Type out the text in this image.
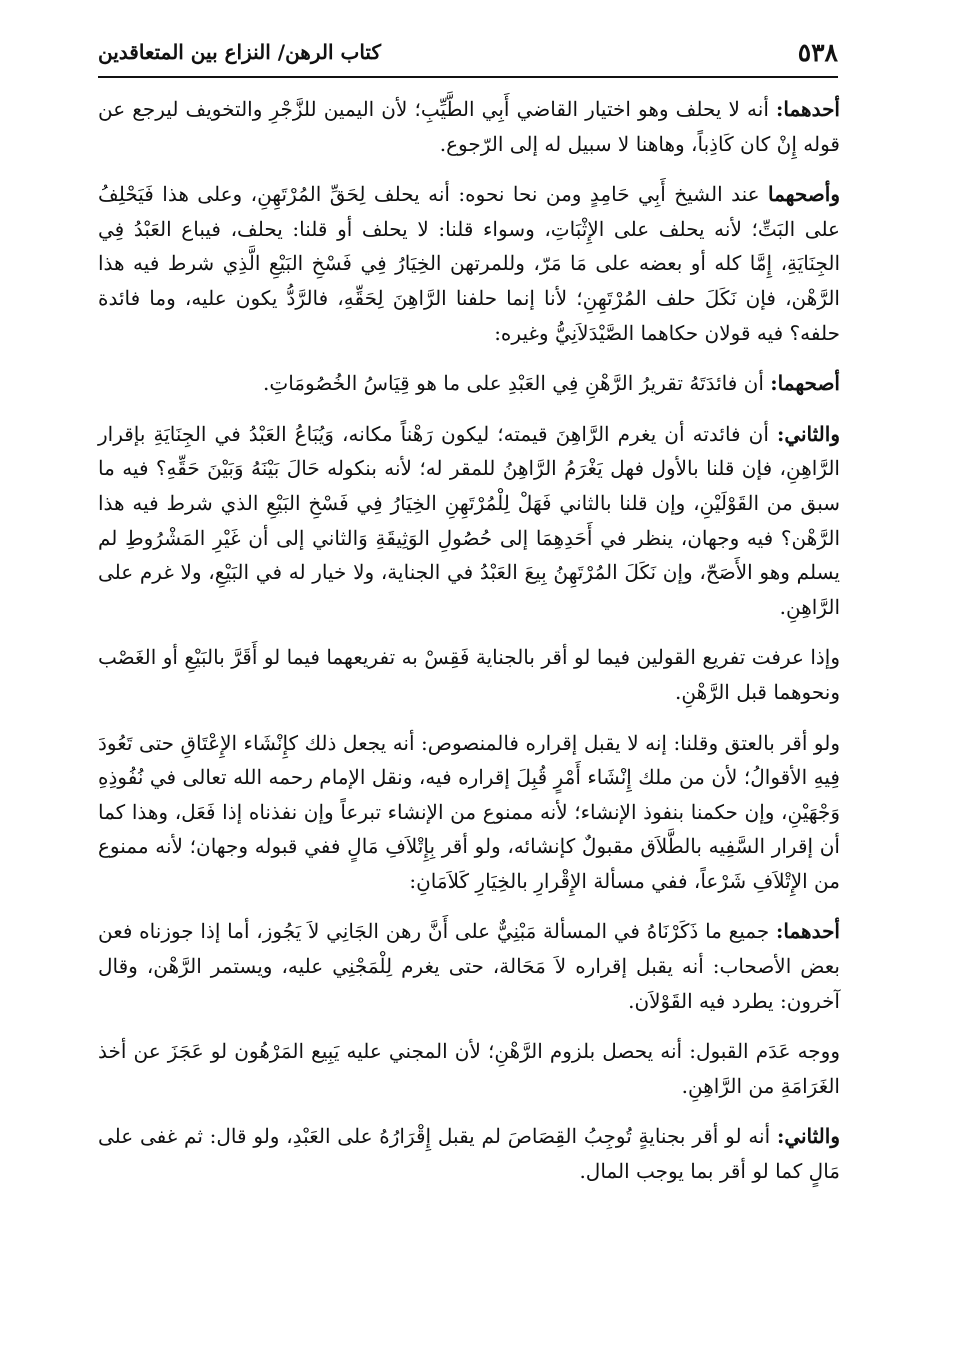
٥٣٨
كتاب الرهن/ النزاع بين المتعاقدين

أحدهما: أنه لا يحلف وهو اختيار القاضي أَبِي الطَّيِّبِ؛ لأن اليمين للزَّجْرِ والتخويف ليرجع عن قوله إِنْ كان كَاذِباً، وهاهنا لا سبيل له إلى الرّجوع.

وأصحهما عند الشيخ أَبِي حَامِدٍ ومن نحا نحوه: أنه يحلف لِحَقِّ المُرْتَهِنِ، وعلى هذا فَيَحْلِفُ على البَتِّ؛ لأنه يحلف على الإِثْبَاتِ، وسواء قلنا: لا يحلف أو قلنا: يحلف، فيباع العَبْدُ فِي الجِنَايَةِ، إِمَّا كله أو بعضه على مَا مَرّ، وللمرتهن الخِيَارُ فِي فَسْخِ البَيْعِ الَّذِي شرط فيه هذا الرَّهْن، فإن نَكَلَ حلف المُرْتَهِنِ؛ لأنا إنما حلفنا الرَّاهِنَ لِحَقِّهِ، فالرَّدُّ يكون عليه، وما فائدة حلفه؟ فيه قولان حكاهما الصَّيْدَلاَنِيُّ وغيره:

أصحهما: أن فائدَتَهُ تقريرُ الرَّهْنِ فِي العَبْدِ على ما هو قِيَاسُ الخُصُومَاتِ.

والثاني: أن فائدته أن يغرم الرَّاهِنَ قيمته؛ ليكون رَهْناً مكانه، وَيُبَاعُ العَبْدُ في الجِنَايَةِ بإقرار الرَّاهِنِ، فإن قلنا بالأول فهل يَغْرَمُ الرَّاهِنُ للمقر له؛ لأنه بنكوله حَالَ بَيْنَهُ وَبَيْنَ حَقِّهِ؟ فيه ما سبق من القَوْلَيْنِ، وإن قلنا بالثاني فَهَلْ لِلْمُرْتَهِنِ الخِيَارُ فِي فَسْخِ البَيْعِ الذي شرط فيه هذا الرَّهْن؟ فيه وجهان، ينظر في أَحَدِهِمَا إلى حُصُولِ الوَثِيقَةِ وَالثاني إلى أن غَيْرِ المَشْرُوطِ لم يسلم وهو الأَصَحّ، وإن نَكَلَ المُرْتَهِنُ بِيعَ العَبْدُ في الجناية، ولا خيار له في البَيْعِ، ولا غرم على الرَّاهِنِ.

وإذا عرفت تفريع القولين فيما لو أقر بالجناية فَقِسْ به تفريعهما فيما لو أَقَرَّ بالبَيْعِ أو الغَصْب ونحوهما قبل الرَّهْنِ.

ولو أقر بالعتق وقلنا: إنه لا يقبل إقراره فالمنصوص: أنه يجعل ذلك كإِنْشَاء الإِعْتَاقِ حتى تَعُودَ فِيهِ الأقوالُ؛ لأن من ملك إِنْشَاء أَمْرٍ قُبِلَ إقراره فيه، ونقل الإمام رحمه الله تعالى في نُفُوذِهِ وَجْهَيْنِ، وإن حكمنا بنفوذ الإنشاء؛ لأنه ممنوع من الإنشاء تبرعاً وإن نفذناه إذا فَعَل، وهذا كما أن إقرار السَّفِيه بالطَّلاَق مقبولٌ كإنشائه، ولو أقر بِإِتْلاَفِ مَالٍ ففي قبوله وجهان؛ لأنه ممنوع من الإِتْلاَفِ شَرْعاً، ففي مسألة الإِقْرارِ بالخِيَارِ كَلاَمَانِ:

أحدهما: جميع ما ذَكَرْنَاهُ في المسألة مَبْنِيٌّ على أَنَّ رهن الجَانِي لاَ يَجُوز، أما إذا جوزناه فعن بعض الأصحاب: أنه يقبل إقراره لاَ مَحَالة، حتى يغرم لِلْمَجْنِي عليه، ويستمر الرَّهْن، وقال آخرون: يطرد فيه القَوْلاَن.

ووجه عَدَم القبول: أنه يحصل بلزوم الرَّهْنِ؛ لأن المجني عليه يَبِيع المَرْهُون لو عَجَزَ عن أخذ الغَرَامَةِ من الرَّاهِنِ.

والثاني: أنه لو أقر بجنايةٍ تُوجِبُ القِصَاصَ لم يقبل إِقْرَارُهُ على العَبْدِ، ولو قال: ثم غفى على مَالٍ كما لو أقر بما يوجب المال.
